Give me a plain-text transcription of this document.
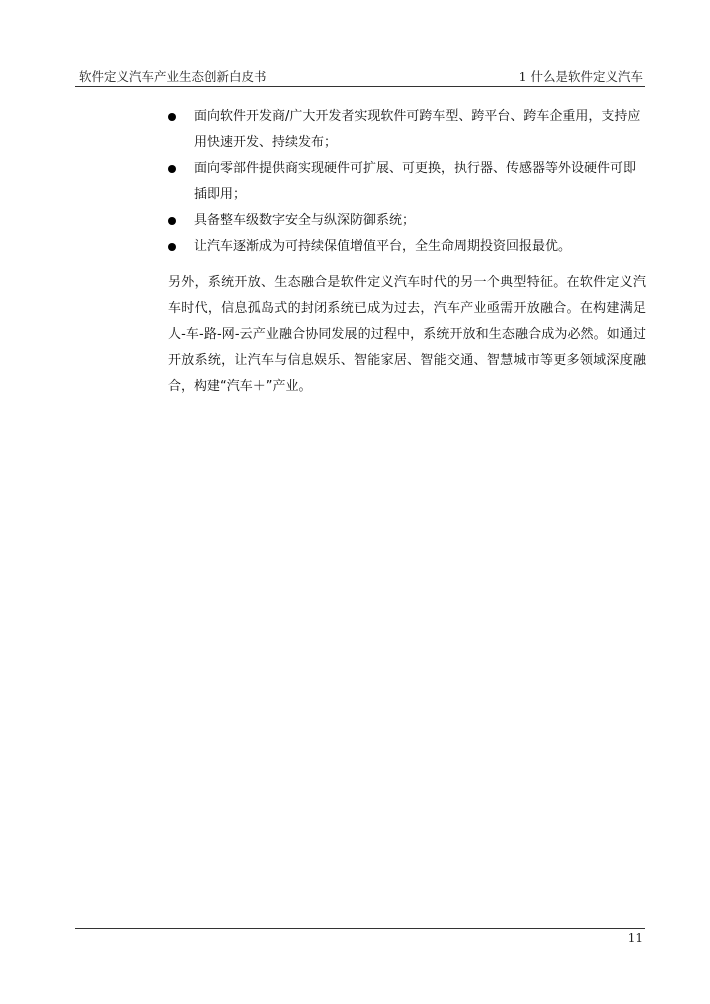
软件定义汽车产业生态创新白皮书	1 什么是软件定义汽车
面向软件开发商/广大开发者实现软件可跨车型、跨平台、跨车企重用，支持应用快速开发、持续发布；
面向零部件提供商实现硬件可扩展、可更换，执行器、传感器等外设硬件可即插即用；
具备整车级数字安全与纵深防御系统；
让汽车逐渐成为可持续保值增值平台，全生命周期投资回报最优。

另外，系统开放、生态融合是软件定义汽车时代的另一个典型特征。在软件定义汽车时代，信息孤岛式的封闭系统已成为过去，汽车产业亟需开放融合。在构建满足人-车-路-网-云产业融合协同发展的过程中，系统开放和生态融合成为必然。如通过开放系统，让汽车与信息娱乐、智能家居、智能交通、智慧城市等更多领域深度融合，构建“汽车＋”产业。

11
